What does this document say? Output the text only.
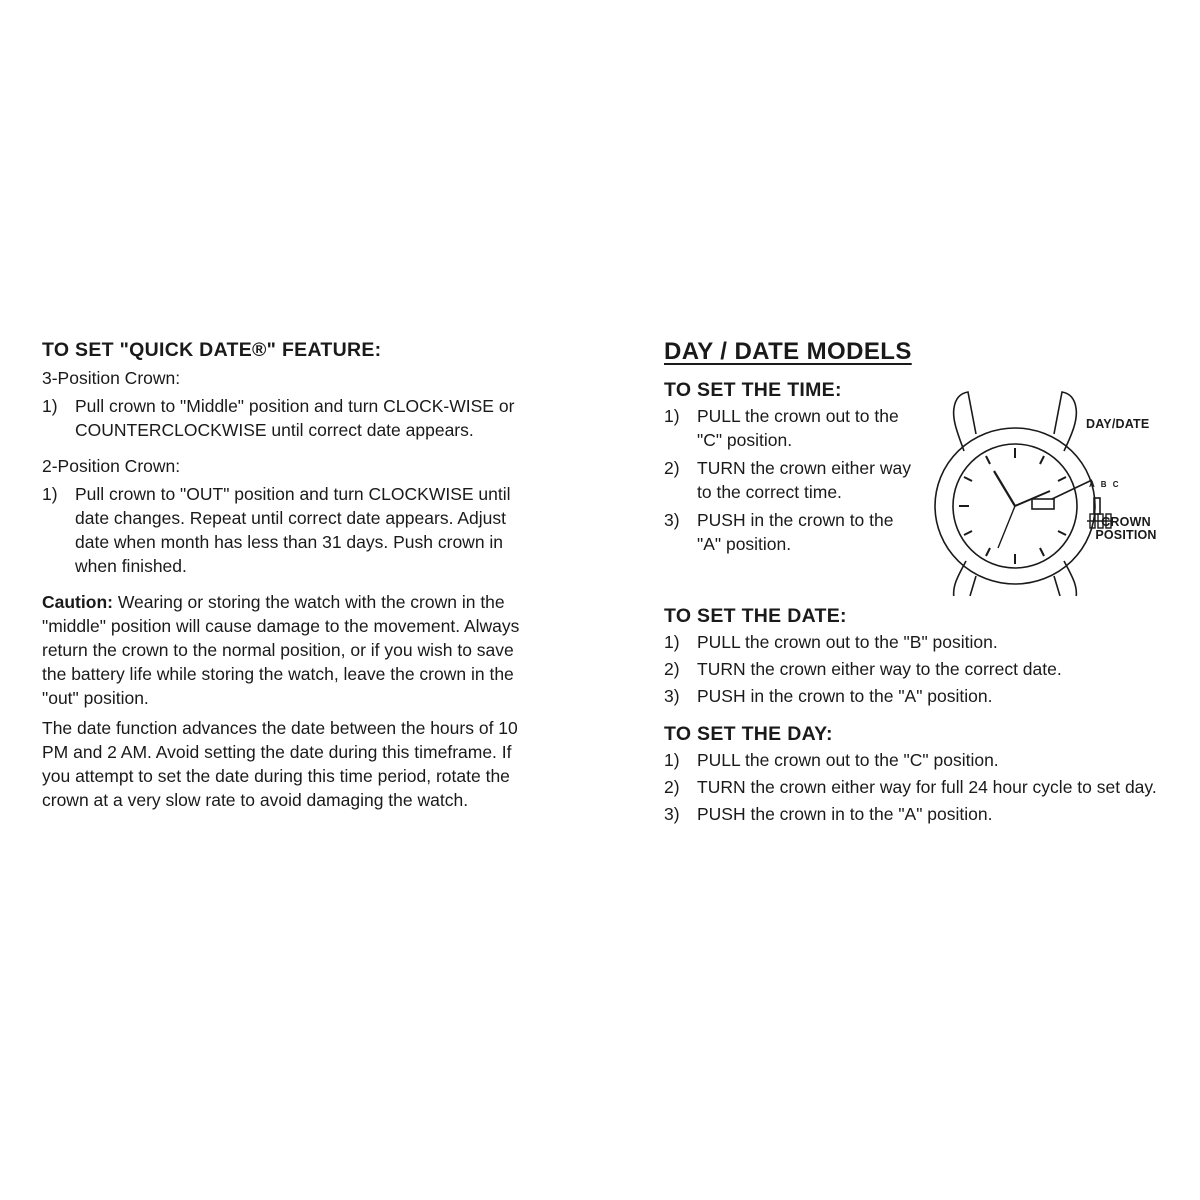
TO SET "QUICK DATE®" FEATURE:

3-Position Crown:

1) Pull crown to "Middle" position and turn CLOCK-WISE or COUNTERCLOCKWISE until correct date appears.

2-Position Crown:

1) Pull crown to "OUT" position and turn CLOCKWISE until date changes. Repeat until correct date appears. Adjust date when month has less than 31 days. Push crown in when finished.

Caution: Wearing or storing the watch with the crown in the "middle" position will cause damage to the movement. Always return the crown to the normal position, or if you wish to save the battery life while storing the watch, leave the crown in the "out" position.

The date function advances the date between the hours of 10 PM and 2 AM. Avoid setting the date during this timeframe. If you attempt to set the date during this time period, rotate the crown at a very slow rate to avoid damaging the watch.

DAY / DATE MODELS
TO SET THE TIME:
1) PULL the crown out to the "C" position.
2) TURN the crown either way to the correct time.
3) PUSH in the crown to the "A" position.
DAY/DATE
A B C
CROWN POSITION
TO SET THE DATE:
1) PULL the crown out to the "B" position.
2) TURN the crown either way to the correct date.
3) PUSH in the crown to the "A" position.
TO SET THE DAY:
1) PULL the crown out to the "C" position.
2) TURN the crown either way for full 24 hour cycle to set day.
3) PUSH the crown in to the "A" position.
